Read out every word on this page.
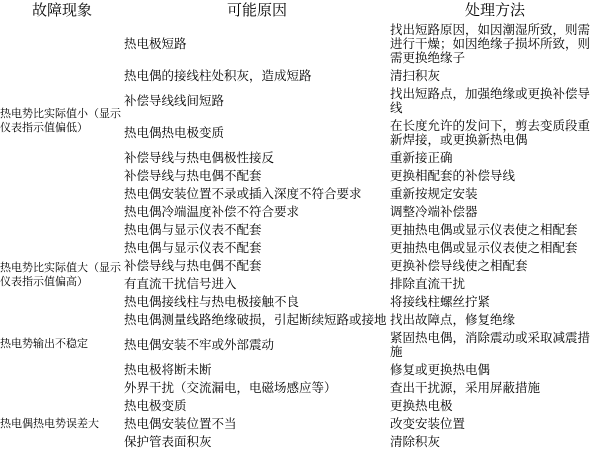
故障现象	可能原因	处理方法
热电势比实际值小（显示仪表指示值偏低）	热电极短路	找出短路原因，如因潮湿所致，则需进行干燥；如因绝缘子损坏所致，则需更换绝缘子
	热电偶的接线柱处积灰，造成短路	清扫积灰
	补偿导线线间短路	找出短路点，加强绝缘或更换补偿导线
	热电偶热电极变质	在长度允许的发问下，剪去变质段重新焊接，或更换新热电偶
	补偿导线与热电偶极性接反	重新接正确
	补偿导线与热电偶不配套	更换相配套的补偿导线
	热电偶安装位置不录或插入深度不符合要求	重新按规定安装
	热电偶冷端温度补偿不符合要求	调整冷端补偿器
热电势比实际值大（显示仪表指示值偏高）	热电偶与显示仪表不配套	更抽热电偶或显示仪表使之相配套
	热电偶与显示仪表不配套	更抽热电偶或显示仪表使之相配套
	补偿导线与热电偶不配套	更换补偿导线使之相配套
	有直流干扰信号进入	排除直流干扰
	热电偶接线柱与热电极接触不良	将接线柱螺丝拧紧
	热电偶测量线路绝缘破损，引起断续短路或接地	找出故障点，修复绝缘
热电势输出不稳定	热电偶安装不牢或外部震动	紧固热电偶，消除震动或采取减震措施
	热电极将断未断	修复或更换热电偶
	外界干扰（交流漏电，电磁场感应等）	查出干扰源，采用屏蔽措施
	热电极变质	更换热电极
热电偶热电势误差大	热电偶安装位置不当	改变安装位置
	保护管表面积灰	清除积灰
